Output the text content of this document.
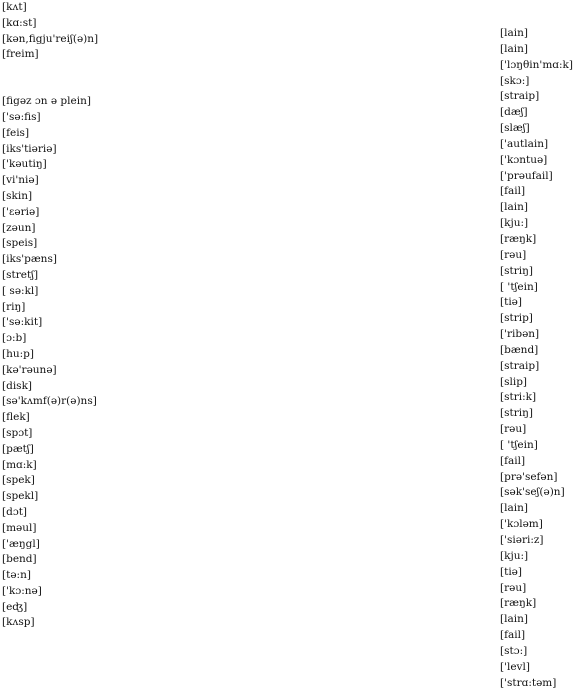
[kʌt]
[kɑ:st]
[kən,figju'reiʃ(ə)n]
[freim]
[figəz ɔn ə plein]
['sə:fis]
[feis]
[iks'tiəriə]
['kəutiŋ]
[vi'niə]
[skin]
['ɛəriə]
[zəun]
[speis]
[iks'pæns]
[stretʃ]
[ sə:kl]
[riŋ]
['sə:kit]
[ɔ:b]
[hu:p]
[kə'rəunə]
[disk]
[sə'kʌmf(ə)r(ə)ns]
[flek]
[spɔt]
[pætʃ]
[mɑ:k]
[spek]
[spekl]
[dɔt]
[məul]
['æŋgl]
[bend]
[tə:n]
['kɔ:nə]
[eʤ]
[kʌsp]
[lain]
[lain]
['lɔŋθin'mɑ:k]
[skɔ:]
[straip]
[dæʃ]
[slæʃ]
['autlain]
['kɔntuə]
['prəufail]
[fail]
[lain]
[kju:]
[ræŋk]
[rəu]
[striŋ]
[ 'tʃein]
[tiə]
[strip]
['ribən]
[bænd]
[straip]
[slip]
[stri:k]
[striŋ]
[rəu]
[ 'tʃein]
[fail]
[prə'sefən]
[sək'seʃ(ə)n]
[lain]
['kɔləm]
['siəri:z]
[kju:]
[tiə]
[rəu]
[ræŋk]
[lain]
[fail]
[stɔ:]
['levl]
['strɑ:təm]
